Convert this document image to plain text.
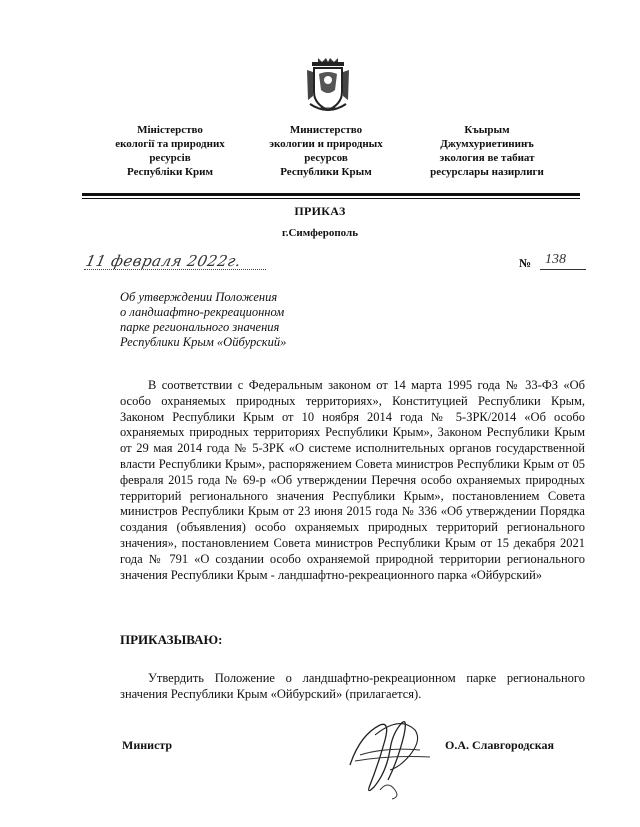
Міністерство
екології та природних
ресурсів
Республіки Крим
Министерство
экологии и природных
ресурсов
Республики Крым
Къырым
Джумхуриетининъ
экология ве табиат
ресурслары назирлиги
ПРИКАЗ
г.Симферополь
11 февраля 2022г.	№ 138
Об утверждении Положения
о ландшафтно-рекреационном
парке регионального значения
Республики Крым «Ойбурский»
В соответствии с Федеральным законом от 14 марта 1995 года № 33-ФЗ «Об особо охраняемых природных территориях», Конституцией Республики Крым, Законом Республики Крым от 10 ноября 2014 года № 5-ЗРК/2014 «Об особо охраняемых природных территориях Республики Крым», Законом Республики Крым от 29 мая 2014 года № 5-ЗРК «О системе исполнительных органов государственной власти Республики Крым», распоряжением Совета министров Республики Крым от 05 февраля 2015 года № 69-р «Об утверждении Перечня особо охраняемых природных территорий регионального значения Республики Крым», постановлением Совета министров Республики Крым от 23 июня 2015 года № 336 «Об утверждении Порядка создания (объявления) особо охраняемых природных территорий регионального значения», постановлением Совета министров Республики Крым от 15 декабря 2021 года № 791 «О создании особо охраняемой природной территории регионального значения Республики Крым - ландшафтно-рекреационного парка «Ойбурский»
ПРИКАЗЫВАЮ:
Утвердить Положение о ландшафтно-рекреационном парке регионального значения Республики Крым «Ойбурский» (прилагается).
Министр	О.А. Славгородская
